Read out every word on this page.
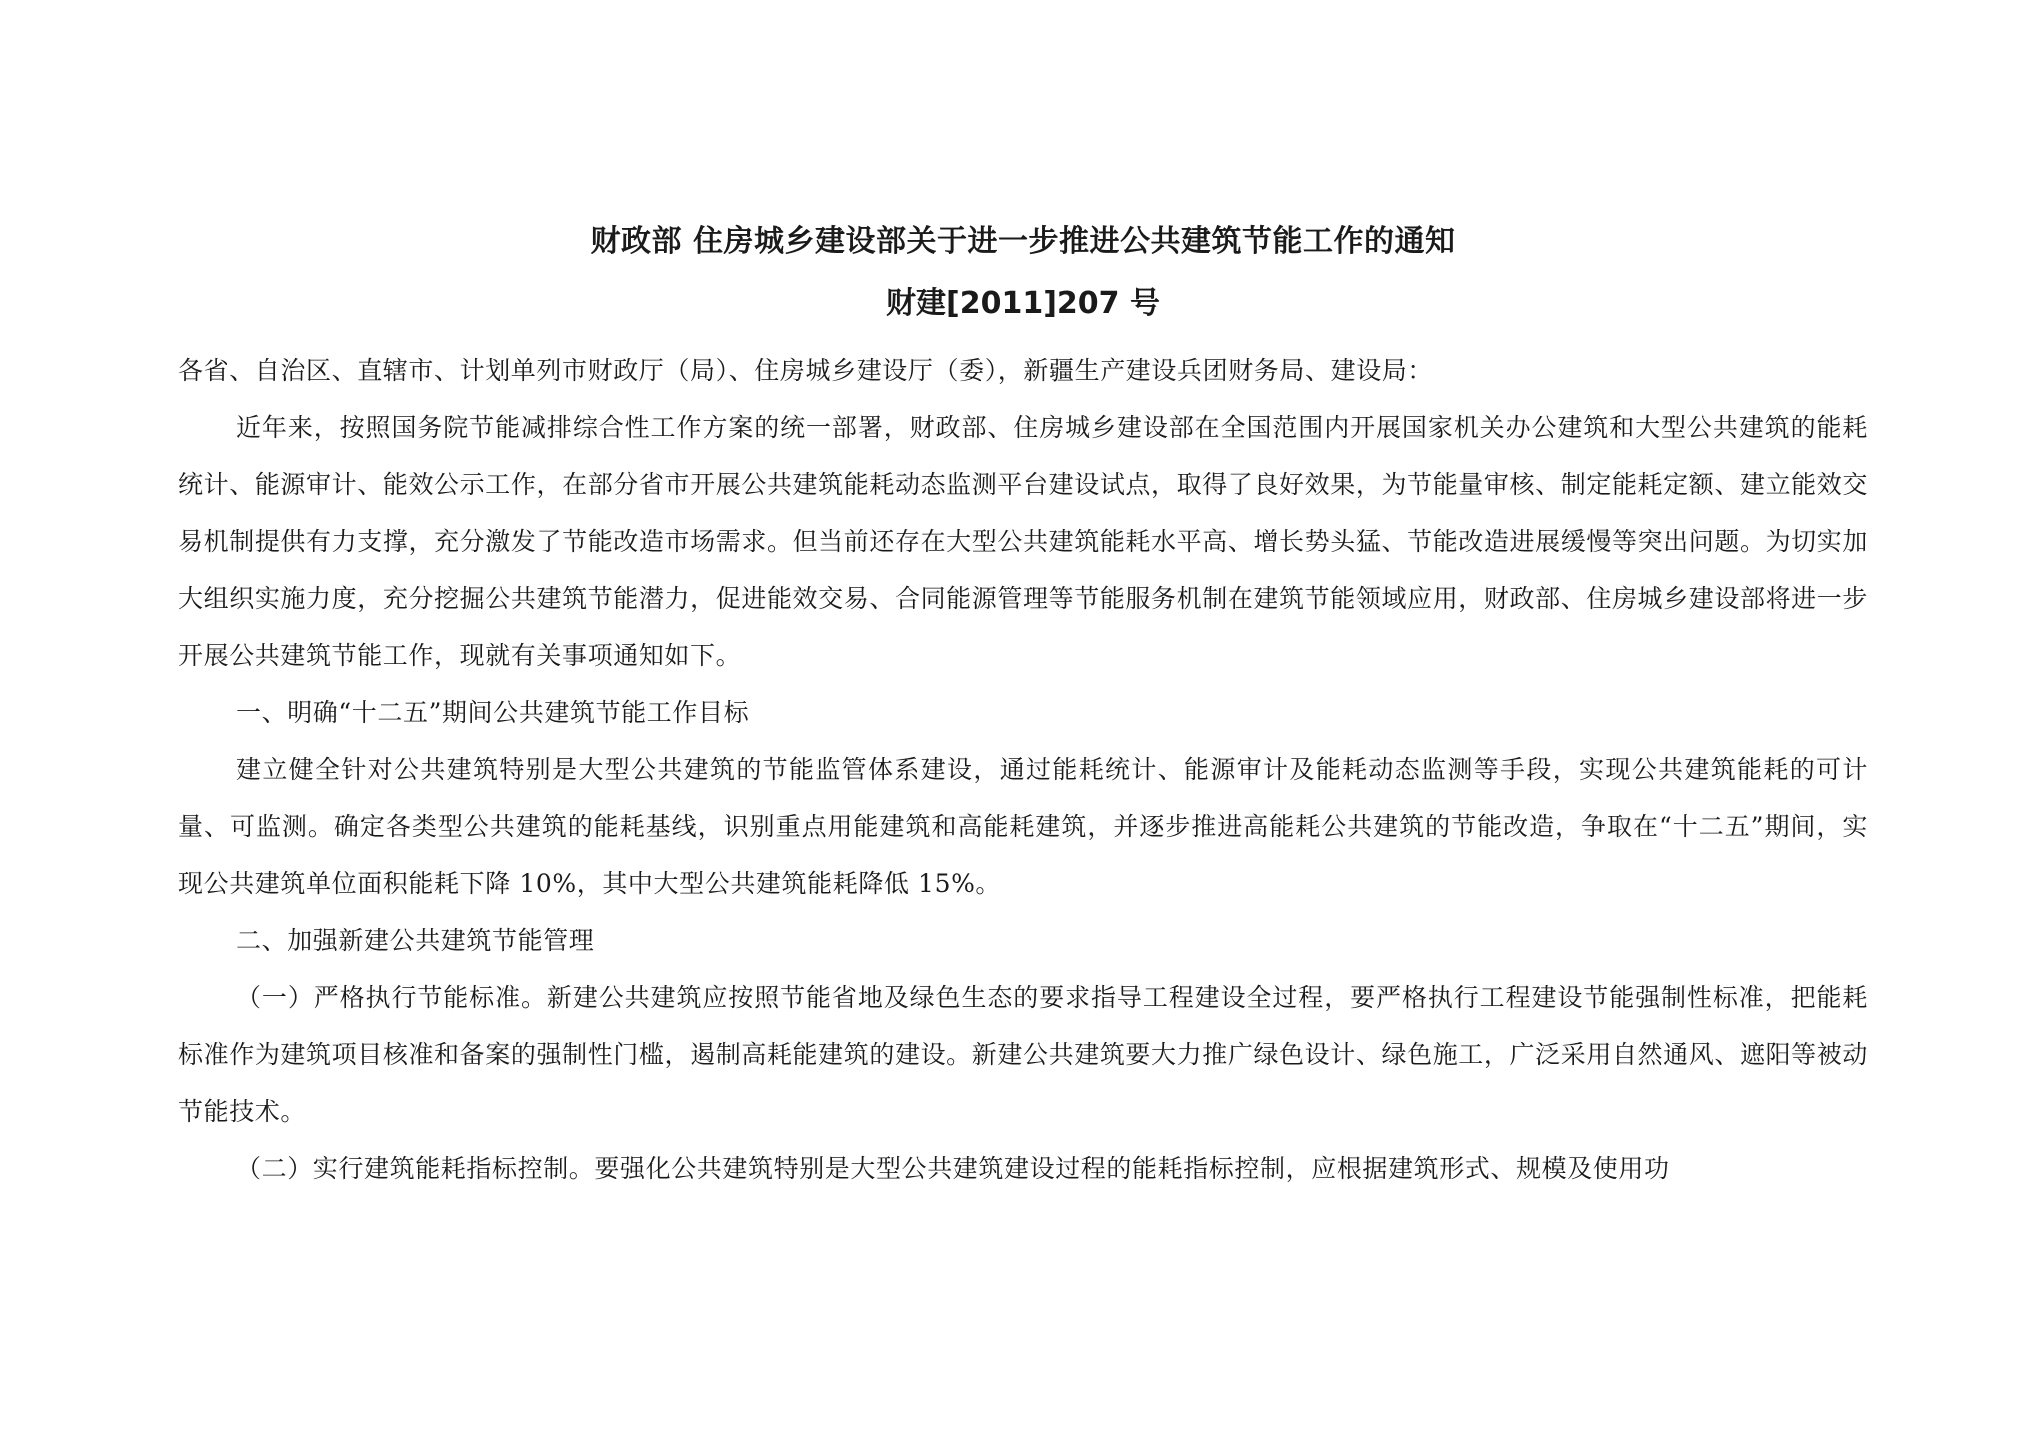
财政部 住房城乡建设部关于进一步推进公共建筑节能工作的通知
财建[2011]207 号

各省、自治区、直辖市、计划单列市财政厅（局）、住房城乡建设厅（委），新疆生产建设兵团财务局、建设局：

近年来，按照国务院节能减排综合性工作方案的统一部署，财政部、住房城乡建设部在全国范围内开展国家机关办公建筑和大型公共建筑的能耗统计、能源审计、能效公示工作，在部分省市开展公共建筑能耗动态监测平台建设试点，取得了良好效果，为节能量审核、制定能耗定额、建立能效交易机制提供有力支撑，充分激发了节能改造市场需求。但当前还存在大型公共建筑能耗水平高、增长势头猛、节能改造进展缓慢等突出问题。为切实加大组织实施力度，充分挖掘公共建筑节能潜力，促进能效交易、合同能源管理等节能服务机制在建筑节能领域应用，财政部、住房城乡建设部将进一步开展公共建筑节能工作，现就有关事项通知如下。

一、明确“十二五”期间公共建筑节能工作目标

建立健全针对公共建筑特别是大型公共建筑的节能监管体系建设，通过能耗统计、能源审计及能耗动态监测等手段，实现公共建筑能耗的可计量、可监测。确定各类型公共建筑的能耗基线，识别重点用能建筑和高能耗建筑，并逐步推进高能耗公共建筑的节能改造，争取在“十二五”期间，实现公共建筑单位面积能耗下降 10%，其中大型公共建筑能耗降低 15%。

二、加强新建公共建筑节能管理

（一）严格执行节能标准。新建公共建筑应按照节能省地及绿色生态的要求指导工程建设全过程，要严格执行工程建设节能强制性标准，把能耗标准作为建筑项目核准和备案的强制性门槛，遏制高耗能建筑的建设。新建公共建筑要大力推广绿色设计、绿色施工，广泛采用自然通风、遮阳等被动节能技术。

（二）实行建筑能耗指标控制。要强化公共建筑特别是大型公共建筑建设过程的能耗指标控制，应根据建筑形式、规模及使用功
